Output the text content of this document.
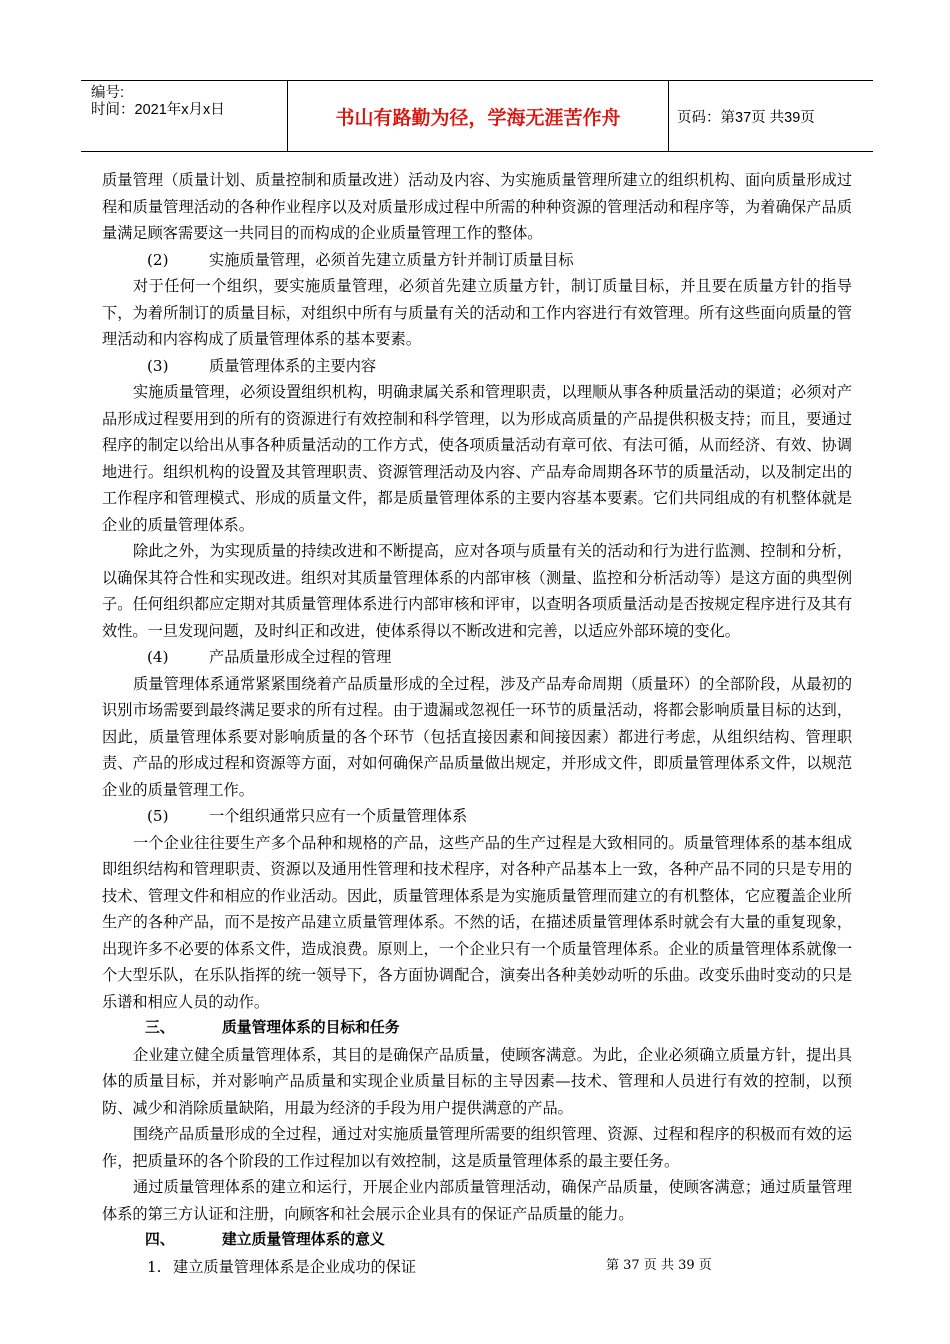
编号:
时间：2021年x月x日	书山有路勤为径，学海无涯苦作舟	页码：第37页 共39页

质量管理（质量计划、质量控制和质量改进）活动及内容、为实施质量管理所建立的组织机构、面向质量形成过程和质量管理活动的各种作业程序以及对质量形成过程中所需的种种资源的管理活动和程序等，为着确保产品质量满足顾客需要这一共同目的而构成的企业质量管理工作的整体。

(2)	实施质量管理，必须首先建立质量方针并制订质量目标

对于任何一个组织，要实施质量管理，必须首先建立质量方针，制订质量目标，并且要在质量方针的指导下，为着所制订的质量目标，对组织中所有与质量有关的活动和工作内容进行有效管理。所有这些面向质量的管理活动和内容构成了质量管理体系的基本要素。

(3)	质量管理体系的主要内容

实施质量管理，必须设置组织机构，明确隶属关系和管理职责，以理顺从事各种质量活动的渠道；必须对产品形成过程要用到的所有的资源进行有效控制和科学管理，以为形成高质量的产品提供积极支持；而且，要通过程序的制定以给出从事各种质量活动的工作方式，使各项质量活动有章可依、有法可循，从而经济、有效、协调地进行。组织机构的设置及其管理职责、资源管理活动及内容、产品寿命周期各环节的质量活动，以及制定出的工作程序和管理模式、形成的质量文件，都是质量管理体系的主要内容基本要素。它们共同组成的有机整体就是企业的质量管理体系。

除此之外，为实现质量的持续改进和不断提高，应对各项与质量有关的活动和行为进行监测、控制和分析，以确保其符合性和实现改进。组织对其质量管理体系的内部审核（测量、监控和分析活动等）是这方面的典型例子。任何组织都应定期对其质量管理体系进行内部审核和评审，以查明各项质量活动是否按规定程序进行及其有效性。一旦发现问题，及时纠正和改进，使体系得以不断改进和完善，以适应外部环境的变化。

(4)	产品质量形成全过程的管理

质量管理体系通常紧紧围绕着产品质量形成的全过程，涉及产品寿命周期（质量环）的全部阶段，从最初的识别市场需要到最终满足要求的所有过程。由于遗漏或忽视任一环节的质量活动，将都会影响质量目标的达到，因此，质量管理体系要对影响质量的各个环节（包括直接因素和间接因素）都进行考虑，从组织结构、管理职责、产品的形成过程和资源等方面，对如何确保产品质量做出规定，并形成文件，即质量管理体系文件，以规范企业的质量管理工作。

(5)	一个组织通常只应有一个质量管理体系

一个企业往往要生产多个品种和规格的产品，这些产品的生产过程是大致相同的。质量管理体系的基本组成即组织结构和管理职责、资源以及通用性管理和技术程序，对各种产品基本上一致，各种产品不同的只是专用的技术、管理文件和相应的作业活动。因此，质量管理体系是为实施质量管理而建立的有机整体，它应覆盖企业所生产的各种产品，而不是按产品建立质量管理体系。不然的话，在描述质量管理体系时就会有大量的重复现象，出现许多不必要的体系文件，造成浪费。原则上，一个企业只有一个质量管理体系。企业的质量管理体系就像一个大型乐队，在乐队指挥的统一领导下，各方面协调配合，演奏出各种美妙动听的乐曲。改变乐曲时变动的只是乐谱和相应人员的动作。

三、	质量管理体系的目标和任务

企业建立健全质量管理体系，其目的是确保产品质量，使顾客满意。为此，企业必须确立质量方针，提出具体的质量目标，并对影响产品质量和实现企业质量目标的主导因素—技术、管理和人员进行有效的控制，以预防、减少和消除质量缺陷，用最为经济的手段为用户提供满意的产品。

围绕产品质量形成的全过程，通过对实施质量管理所需要的组织管理、资源、过程和程序的积极而有效的运作，把质量环的各个阶段的工作过程加以有效控制，这是质量管理体系的最主要任务。

通过质量管理体系的建立和运行，开展企业内部质量管理活动，确保产品质量，使顾客满意；通过质量管理体系的第三方认证和注册，向顾客和社会展示企业具有的保证产品质量的能力。

四、	建立质量管理体系的意义

1. 建立质量管理体系是企业成功的保证	第 37 页 共 39 页
